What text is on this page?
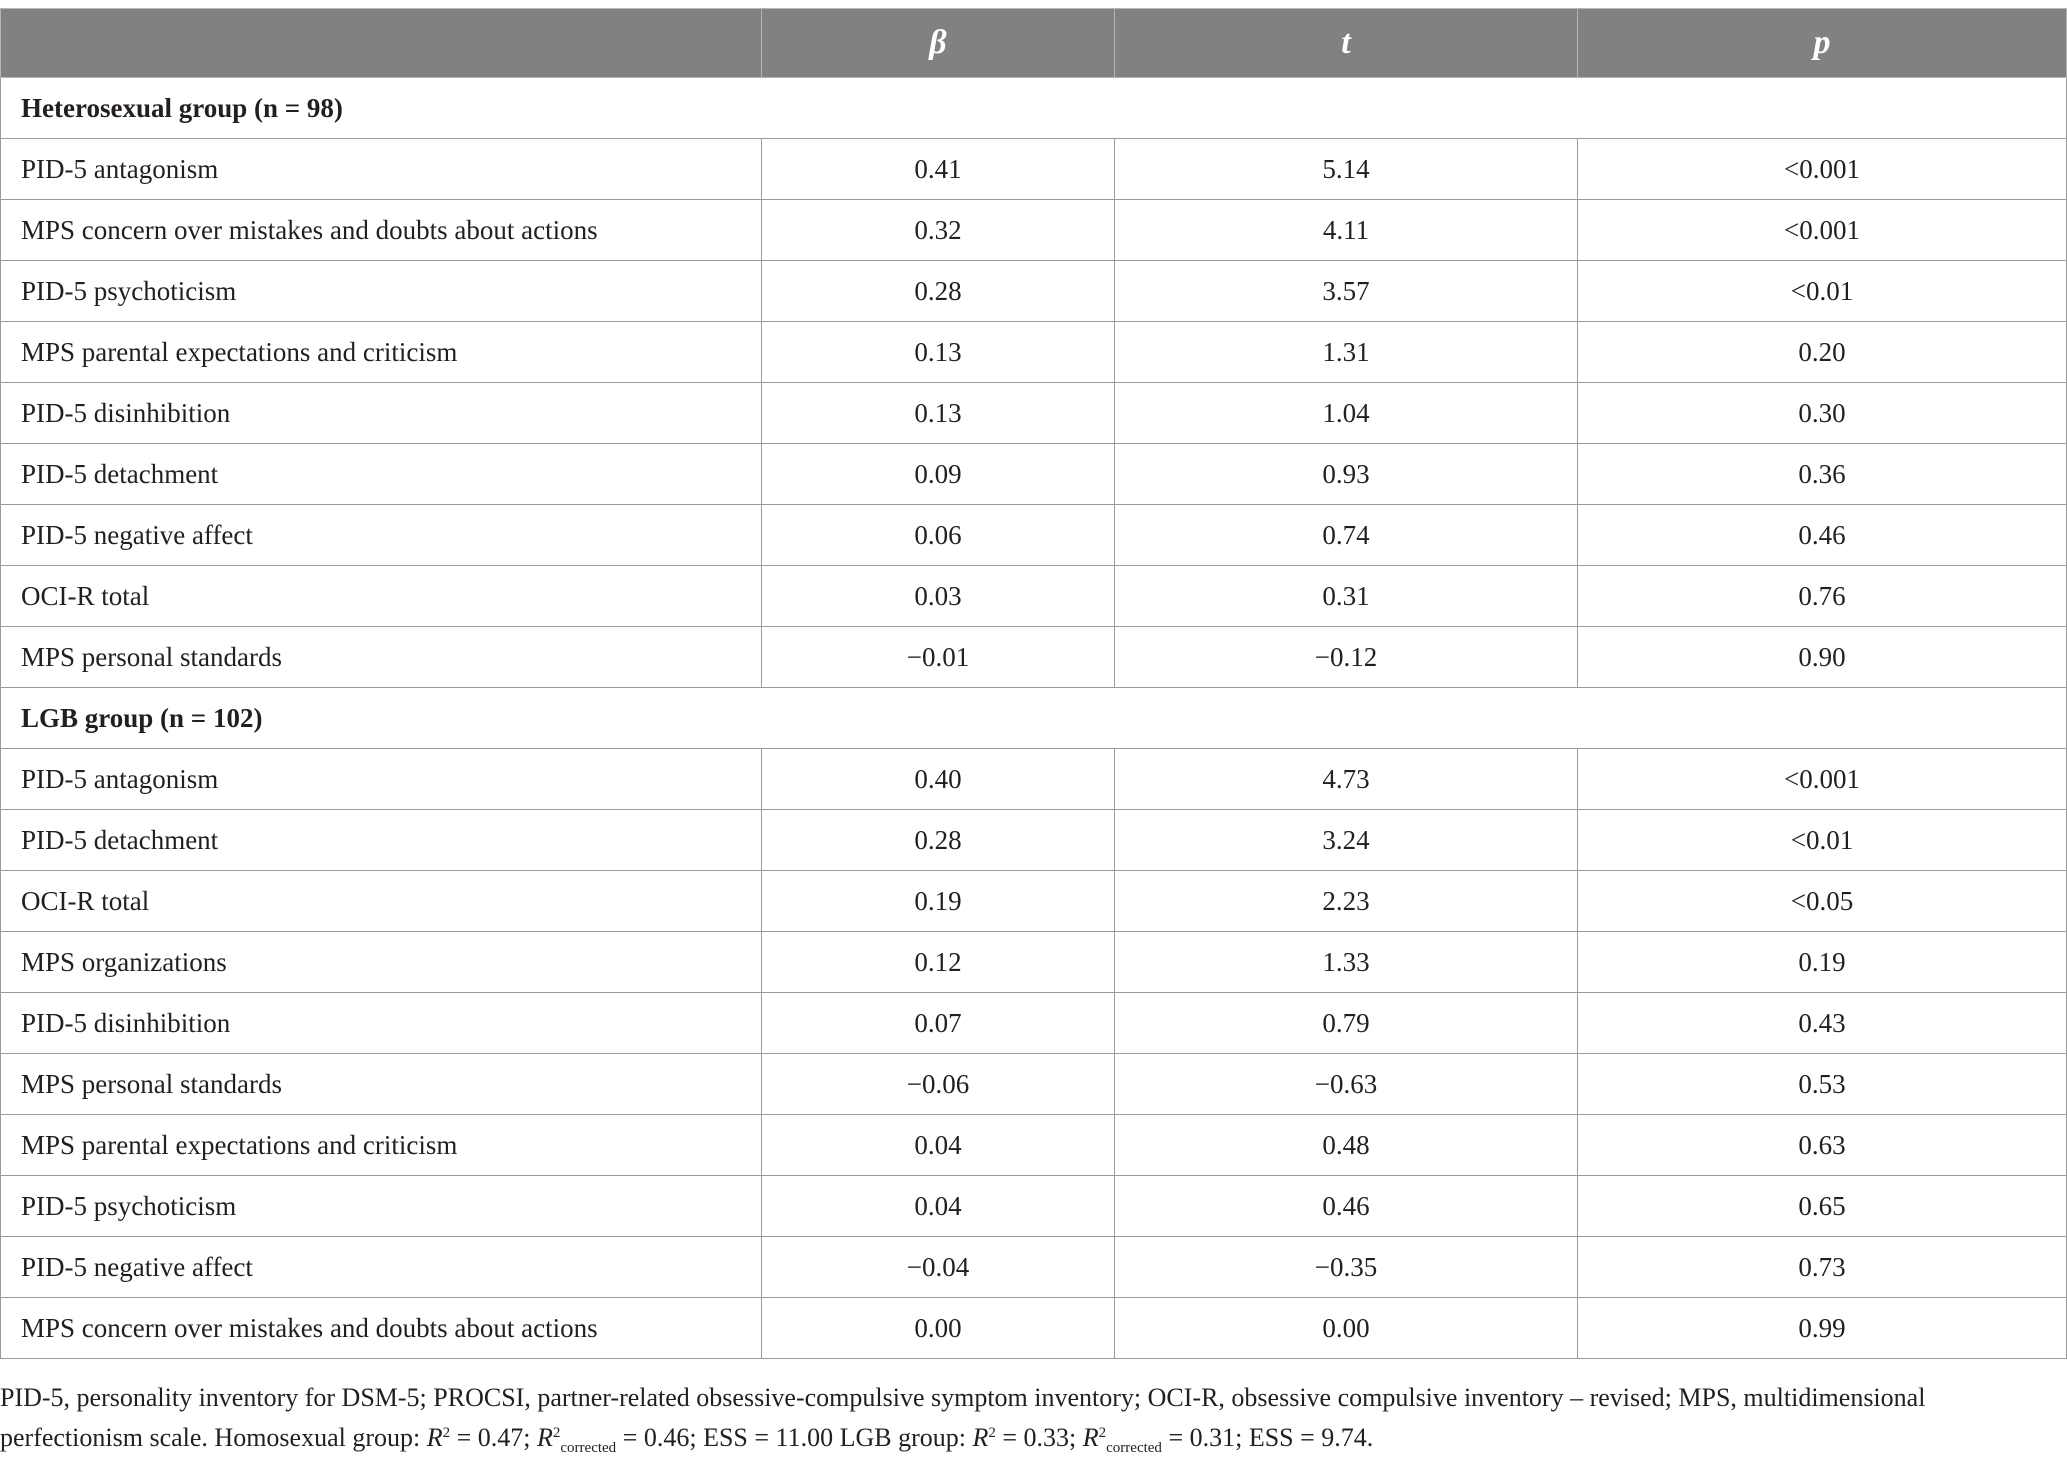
	β	t	p
Heterosexual group (n = 98)			
PID-5 antagonism	0.41	5.14	<0.001
MPS concern over mistakes and doubts about actions	0.32	4.11	<0.001
PID-5 psychoticism	0.28	3.57	<0.01
MPS parental expectations and criticism	0.13	1.31	0.20
PID-5 disinhibition	0.13	1.04	0.30
PID-5 detachment	0.09	0.93	0.36
PID-5 negative affect	0.06	0.74	0.46
OCI-R total	0.03	0.31	0.76
MPS personal standards	−0.01	−0.12	0.90
LGB group (n = 102)			
PID-5 antagonism	0.40	4.73	<0.001
PID-5 detachment	0.28	3.24	<0.01
OCI-R total	0.19	2.23	<0.05
MPS organizations	0.12	1.33	0.19
PID-5 disinhibition	0.07	0.79	0.43
MPS personal standards	−0.06	−0.63	0.53
MPS parental expectations and criticism	0.04	0.48	0.63
PID-5 psychoticism	0.04	0.46	0.65
PID-5 negative affect	−0.04	−0.35	0.73
MPS concern over mistakes and doubts about actions	0.00	0.00	0.99
PID-5, personality inventory for DSM-5; PROCSI, partner-related obsessive-compulsive symptom inventory; OCI-R, obsessive compulsive inventory – revised; MPS, multidimensional perfectionism scale. Homosexual group: $R^2 = 0.47$; $R^2_{corrected} = 0.46$; ESS = 11.00 LGB group: $R^2 = 0.33$; $R^2_{corrected} = 0.31$; ESS = 9.74.
